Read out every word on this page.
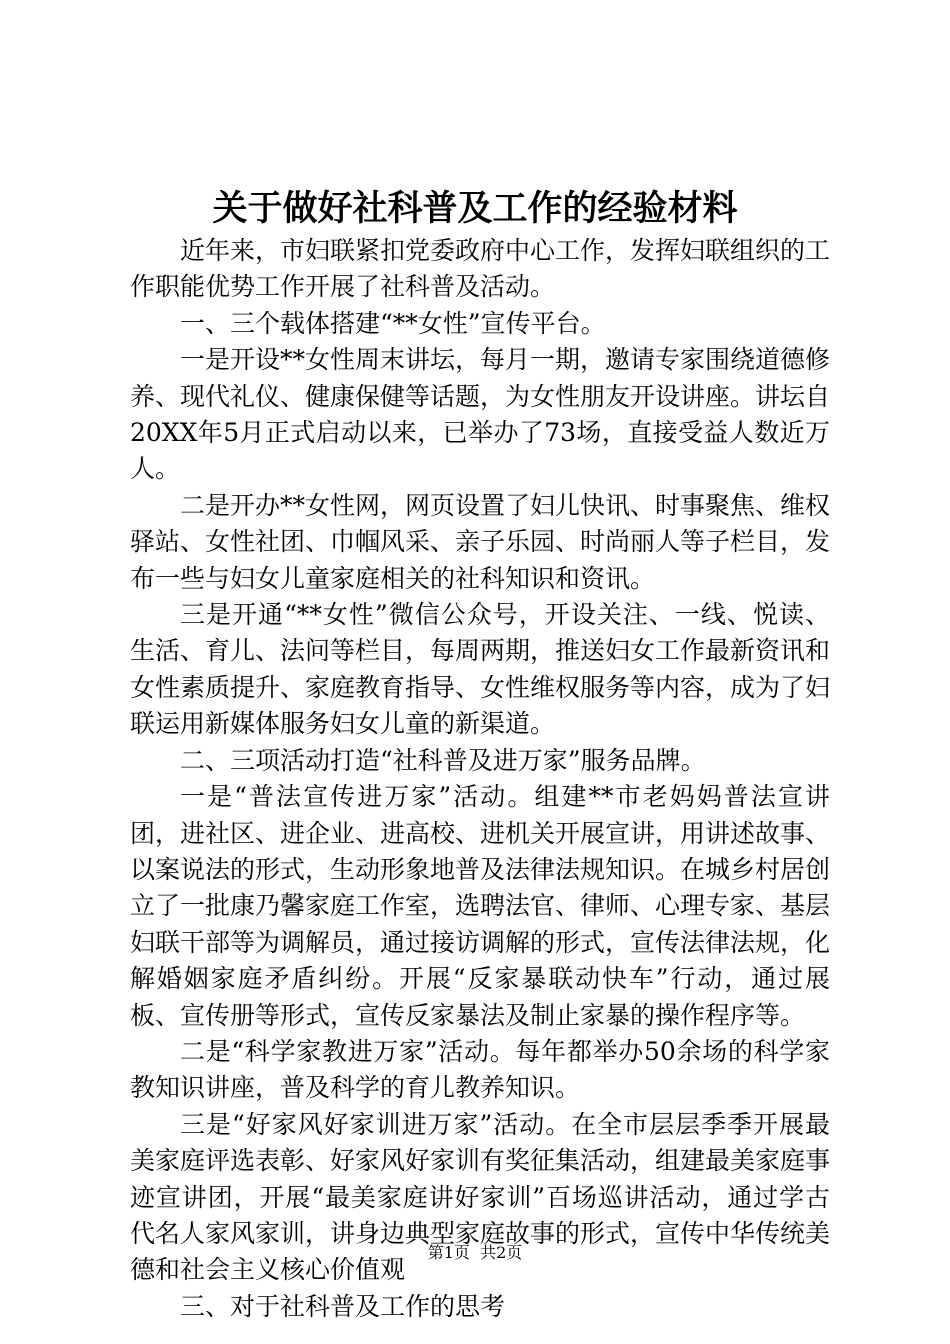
关于做好社科普及工作的经验材料

近年来，市妇联紧扣党委政府中心工作，发挥妇联组织的工作职能优势工作开展了社科普及活动。

一、三个载体搭建“**女性”宣传平台。

一是开设**女性周末讲坛，每月一期，邀请专家围绕道德修养、现代礼仪、健康保健等话题，为女性朋友开设讲座。讲坛自20XX年5月正式启动以来，已举办了73场，直接受益人数近万人。

二是开办**女性网，网页设置了妇儿快讯、时事聚焦、维权驿站、女性社团、巾帼风采、亲子乐园、时尚丽人等子栏目，发布一些与妇女儿童家庭相关的社科知识和资讯。

三是开通“**女性”微信公众号，开设关注、一线、悦读、生活、育儿、法问等栏目，每周两期，推送妇女工作最新资讯和女性素质提升、家庭教育指导、女性维权服务等内容，成为了妇联运用新媒体服务妇女儿童的新渠道。

二、三项活动打造“社科普及进万家”服务品牌。

一是“普法宣传进万家”活动。组建**市老妈妈普法宣讲团，进社区、进企业、进高校、进机关开展宣讲，用讲述故事、以案说法的形式，生动形象地普及法律法规知识。在城乡村居创立了一批康乃馨家庭工作室，选聘法官、律师、心理专家、基层妇联干部等为调解员，通过接访调解的形式，宣传法律法规，化解婚姻家庭矛盾纠纷。开展“反家暴联动快车”行动，通过展板、宣传册等形式，宣传反家暴法及制止家暴的操作程序等。

二是“科学家教进万家”活动。每年都举办50余场的科学家教知识讲座，普及科学的育儿教养知识。

三是“好家风好家训进万家”活动。在全市层层季季开展最美家庭评选表彰、好家风好家训有奖征集活动，组建最美家庭事迹宣讲团，开展“最美家庭讲好家训”百场巡讲活动，通过学古代名人家风家训，讲身边典型家庭故事的形式，宣传中华传统美德和社会主义核心价值观

三、对于社科普及工作的思考

第1页  共2页
